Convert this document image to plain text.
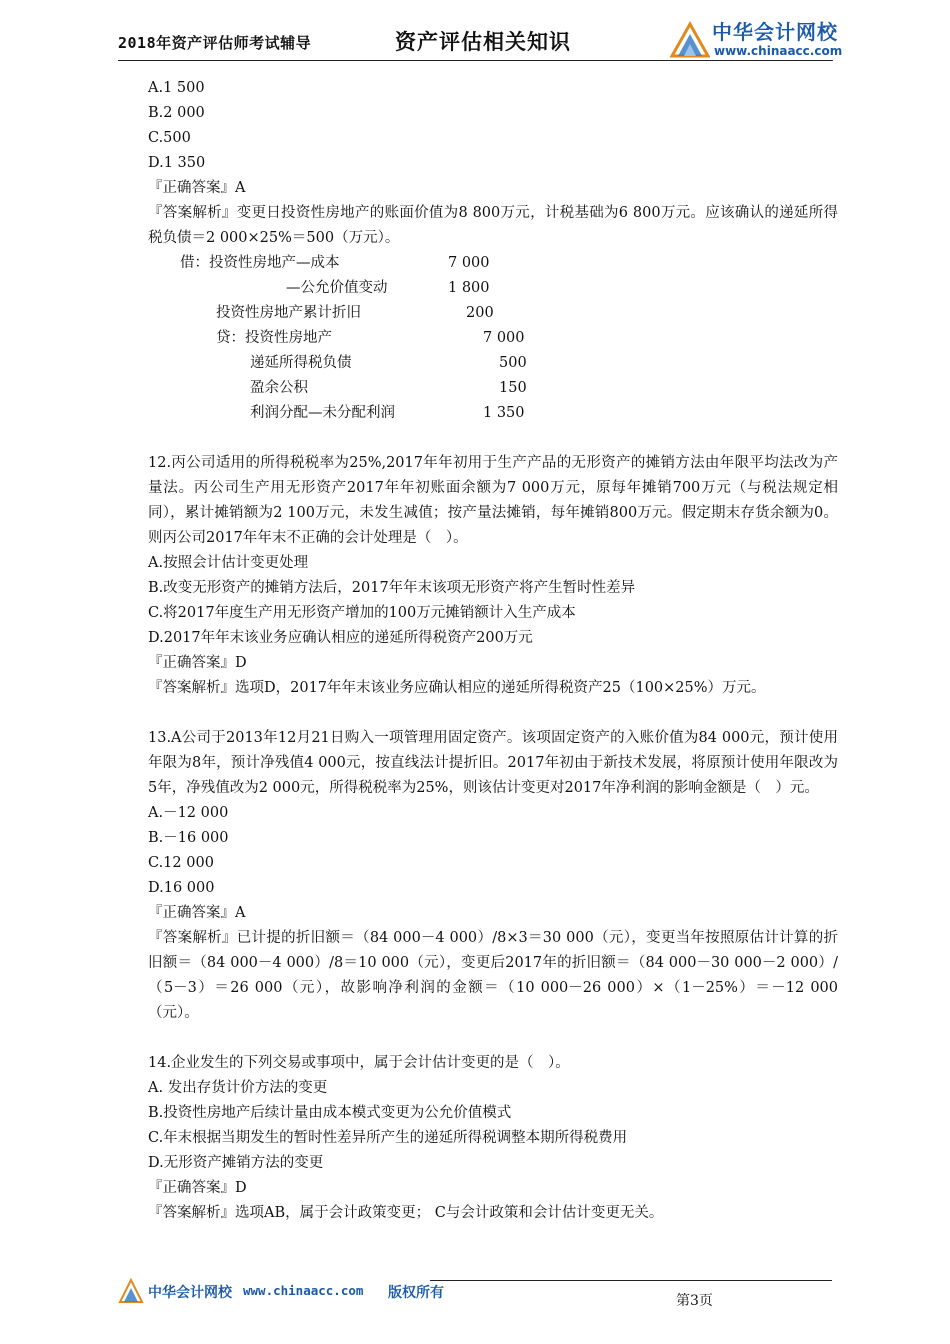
2018年资产评估师考试辅导	资产评估相关知识	中华会计网校
www.chinaacc.com
A.1 500
B.2 000
C.500
D.1 350
『正确答案』A
『答案解析』变更日投资性房地产的账面价值为8 800万元，计税基础为6 800万元。应该确认的递延所得税负债＝2 000×25%＝500（万元）。
借：投资性房地产—成本	7 000
—公允价值变动	1 800
投资性房地产累计折旧	200
贷：投资性房地产	7 000
递延所得税负债	500
盈余公积	150
利润分配—未分配利润	1 350
12.丙公司适用的所得税税率为25%,2017年年初用于生产产品的无形资产的摊销方法由年限平均法改为产量法。丙公司生产用无形资产2017年年初账面余额为7 000万元，原每年摊销700万元（与税法规定相同），累计摊销额为2 100万元，未发生减值；按产量法摊销，每年摊销800万元。假定期末存货余额为0。则丙公司2017年年末不正确的会计处理是（　）。
A.按照会计估计变更处理
B.改变无形资产的摊销方法后，2017年年末该项无形资产将产生暂时性差异
C.将2017年度生产用无形资产增加的100万元摊销额计入生产成本
D.2017年年末该业务应确认相应的递延所得税资产200万元
『正确答案』D
『答案解析』选项D，2017年年末该业务应确认相应的递延所得税资产25（100×25%）万元。
13.A公司于2013年12月21日购入一项管理用固定资产。该项固定资产的入账价值为84 000元，预计使用年限为8年，预计净残值4 000元，按直线法计提折旧。2017年初由于新技术发展，将原预计使用年限改为5年，净残值改为2 000元，所得税税率为25%，则该估计变更对2017年净利润的影响金额是（　）元。
A.－12 000
B.－16 000
C.12 000
D.16 000
『正确答案』A
『答案解析』已计提的折旧额＝（84 000－4 000）/8×3＝30 000（元），变更当年按照原估计计算的折旧额＝（84 000－4 000）/8＝10 000（元），变更后2017年的折旧额＝（84 000－30 000－2 000）/（5－3）＝26 000（元），故影响净利润的金额＝（10 000－26 000）×（1－25%）＝－12 000（元）。
14.企业发生的下列交易或事项中，属于会计估计变更的是（　）。
A. 发出存货计价方法的变更
B.投资性房地产后续计量由成本模式变更为公允价值模式
C.年末根据当期发生的暂时性差异所产生的递延所得税调整本期所得税费用
D.无形资产摊销方法的变更
『正确答案』D
『答案解析』选项AB，属于会计政策变更； C与会计政策和会计估计变更无关。
中华会计网校 www.chinaacc.com 版权所有	第3页
